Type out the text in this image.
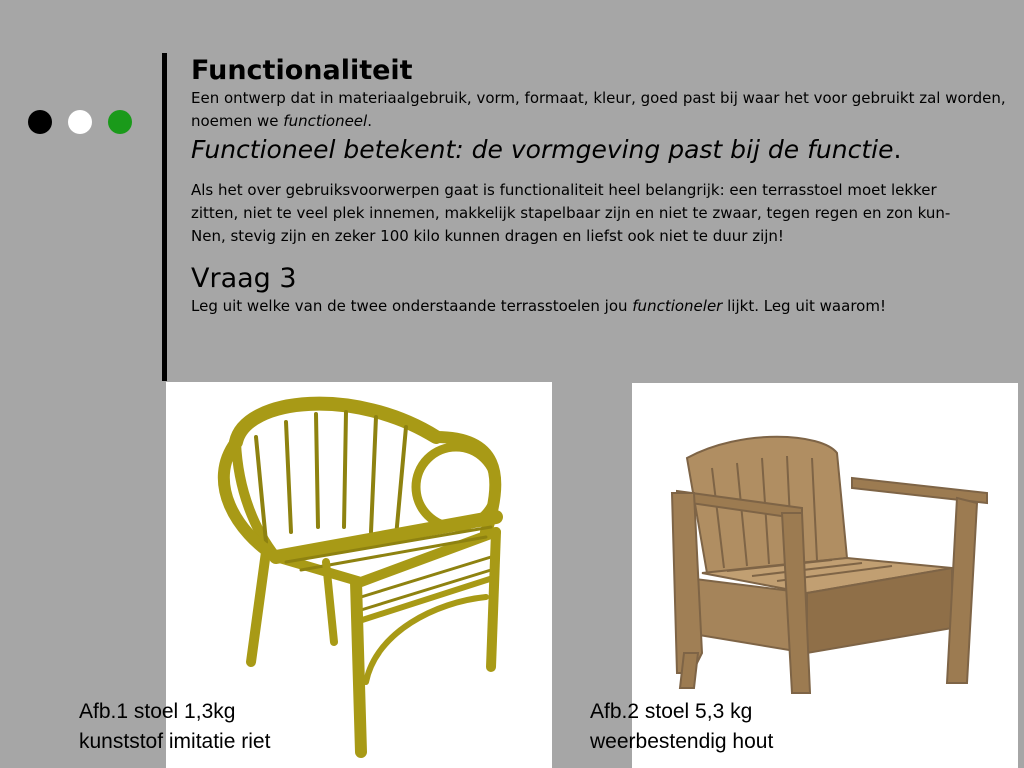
Functionaliteit

Een ontwerp dat in materiaalgebruik, vorm, formaat, kleur, goed past bij waar het voor gebruikt zal worden, noemen we functioneel.

Functioneel betekent: de vormgeving past bij de functie.

Als het over gebruiksvoorwerpen gaat is functionaliteit heel belangrijk: een terrasstoel moet lekker

zitten, niet te veel plek innemen, makkelijk stapelbaar zijn en niet te zwaar, tegen regen en zon kun-

Nen, stevig zijn en zeker 100 kilo kunnen dragen en liefst ook niet te duur zijn!

Vraag 3

Leg uit welke van de twee onderstaande terrasstoelen jou functioneler lijkt. Leg uit waarom!

Afb.1 stoel 1,3kg
kunststof imitatie riet
Afb.2 stoel 5,3 kg
weerbestendig hout
